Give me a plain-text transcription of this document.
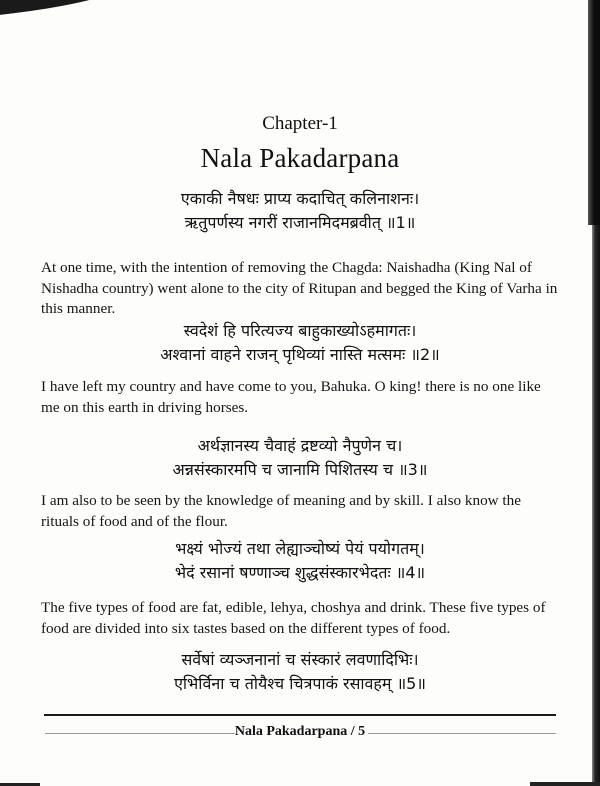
Chapter-1
Nala Pakadarpana
एकाकी नैषधः प्राप्य कदाचित् कलिनाशनः।
ऋतुपर्णस्य नगरीं राजानमिदमब्रवीत् ॥1॥
At one time, with the intention of removing the Chagda: Naishadha (King Nal of Nishadha country) went alone to the city of Ritupan and begged the King of Varha in this manner.
स्वदेशं हि परित्यज्य बाहुकाख्योऽहमागतः।
अश्वानां वाहने राजन् पृथिव्यां नास्ति मत्समः ॥2॥
I have left my country and have come to you, Bahuka. O king! there is no one like me on this earth in driving horses.
अर्थज्ञानस्य चैवाहं द्रष्टव्यो नैपुणेन च।
अन्नसंस्कारमपि च जानामि पिशितस्य च ॥3॥
I am also to be seen by the knowledge of meaning and by skill. I also know the rituals of food and of the flour.
भक्ष्यं भोज्यं तथा लेह्याञ्चोष्यं पेयं पयोगतम्।
भेदं रसानां षण्णाञ्च शुद्धसंस्कारभेदतः ॥4॥
The five types of food are fat, edible, lehya, choshya and drink. These five types of food are divided into six tastes based on the different types of food.
सर्वेषां व्यञ्जनानां च संस्कारं लवणादिभिः।
एभिर्विना च तोयैश्च चित्रपाकं रसावहम् ॥5॥
Nala Pakadarpana / 5
